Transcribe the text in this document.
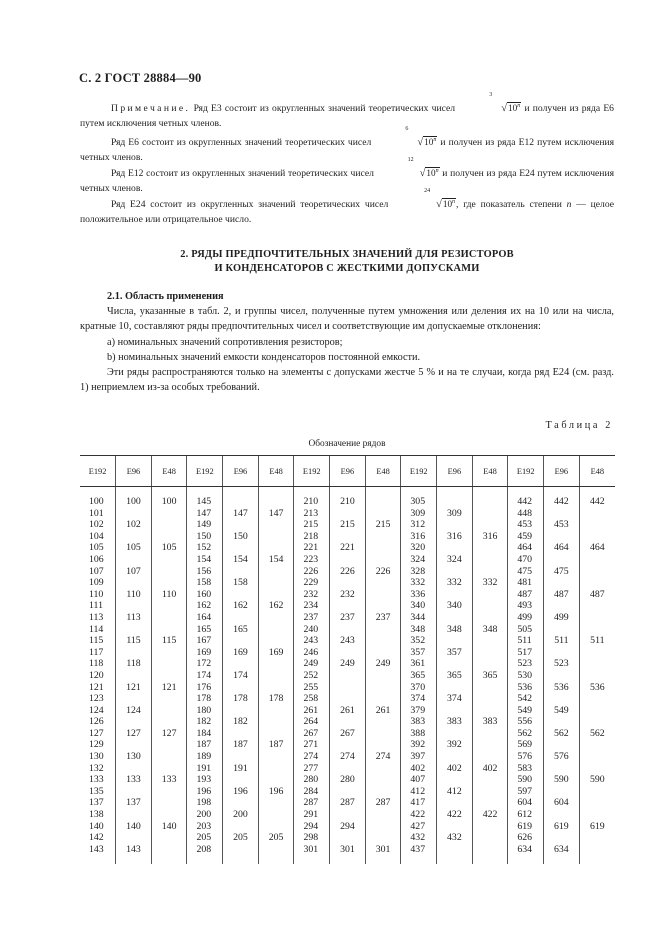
С. 2 ГОСТ 28884—90

Примечание. Ряд Е3 состоит из округленных значений теоретических чисел
3
√10$^n$ и получен из ряда Е6 путем исключения четных членов.

Ряд Е6 состоит из округленных значений теоретических чисел
6
√10$^n$ и получен из ряда Е12 путем исключения четных членов.

Ряд Е12 состоит из округленных значений теоретических чисел
12
√10$^n$ и получен из ряда Е24 путем исключения четных членов.

Ряд Е24 состоит из округленных значений теоретических чисел
24
√10$^n$, где показатель степени n — целое положительное или отрицательное число.

2. РЯДЫ ПРЕДПОЧТИТЕЛЬНЫХ ЗНАЧЕНИЙ ДЛЯ РЕЗИСТОРОВ
И КОНДЕНСАТОРОВ С ЖЕСТКИМИ ДОПУСКАМИ

2.1. Область применения

Числа, указанные в табл. 2, и группы чисел, полученные путем умножения или деления их на 10 или на числа, кратные 10, составляют ряды предпочтительных чисел и соответствующие им допускаемые отклонения:

a) номинальных значений сопротивления резисторов;

b) номинальных значений емкости конденсаторов постоянной емкости.

Эти ряды распространяются только на элементы с допусками жестче 5 % и на те случаи, когда ряд Е24 (см. разд. 1) неприемлем из-за особых требований.

Таблица 2
Обозначение рядов
E192	E96	E48	E192	E96	E48	E192	E96	E48	E192	E96	E48	E192	E96	E48

100	100	100	145			210	210		305			442	442	442
101			147	147	147	213			309	309		448		
102	102		149			215	215	215	312			453	453	
104			150	150		218			316	316	316	459		
105	105	105	152			221	221		320			464	464	464
106			154	154	154	223			324	324		470		
107	107		156			226	226	226	328			475	475	
109			158	158		229			332	332	332	481		
110	110	110	160			232	232		336			487	487	487
111			162	162	162	234			340	340		493		
113	113		164			237	237	237	344			499	499	
114			165	165		240			348	348	348	505		
115	115	115	167			243	243		352			511	511	511
117			169	169	169	246			357	357		517		
118	118		172			249	249	249	361			523	523	
120			174	174		252			365	365	365	530		
121	121	121	176			255			370			536	536	536
123			178	178	178	258			374	374		542		
124	124		180			261	261	261	379			549	549	
126			182	182		264			383	383	383	556		
127	127	127	184			267	267		388			562	562	562
129			187	187	187	271			392	392		569		
130	130		189			274	274	274	397			576	576	
132			191	191		277			402	402	402	583		
133	133	133	193			280	280		407			590	590	590
135			196	196	196	284			412	412		597		
137	137		198			287	287	287	417			604	604	
138			200	200		291			422	422	422	612		
140	140	140	203			294	294		427			619	619	619
142			205	205	205	298			432	432		626		
143	143		208			301	301	301	437			634	634	
